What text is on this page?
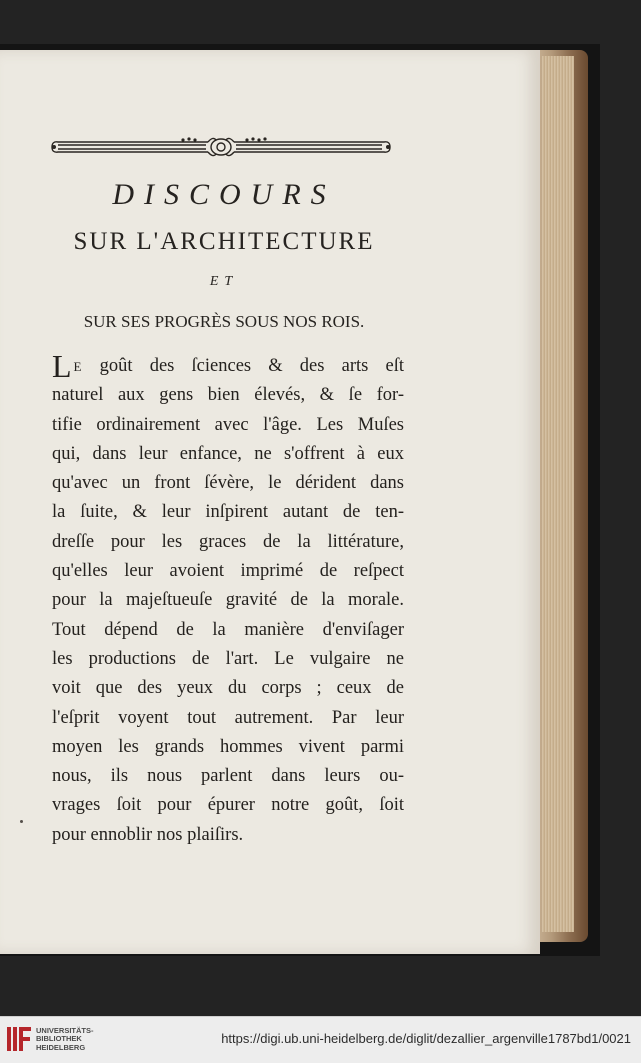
DISCOURS
SUR L'ARCHITECTURE
ET
SUR SES PROGRÈS SOUS NOS ROIS.
L E goût des ſciences & des arts eſt
naturel aux gens bien élevés, & ſe for-
tifie ordinairement avec l'âge. Les Muſes
qui, dans leur enfance, ne s'offrent à eux
qu'avec un front ſévère, le dérident dans
la ſuite, & leur inſpirent autant de ten-
dreſſe pour les graces de la littérature,
qu'elles leur avoient imprimé de reſpect
pour la majeſtueuſe gravité de la morale.
Tout dépend de la manière d'enviſager
les productions de l'art. Le vulgaire ne
voit que des yeux du corps ; ceux de
l'eſprit voyent tout autrement. Par leur
moyen les grands hommes vivent parmi
nous, ils nous parlent dans leurs ou-
vrages ſoit pour épurer notre goût, ſoit
pour ennoblir nos plaiſirs.
UNIVERSITÄTS-
BIBLIOTHEK
HEIDELBERG
https://digi.ub.uni-heidelberg.de/diglit/dezallier_argenville1787bd1/0021
